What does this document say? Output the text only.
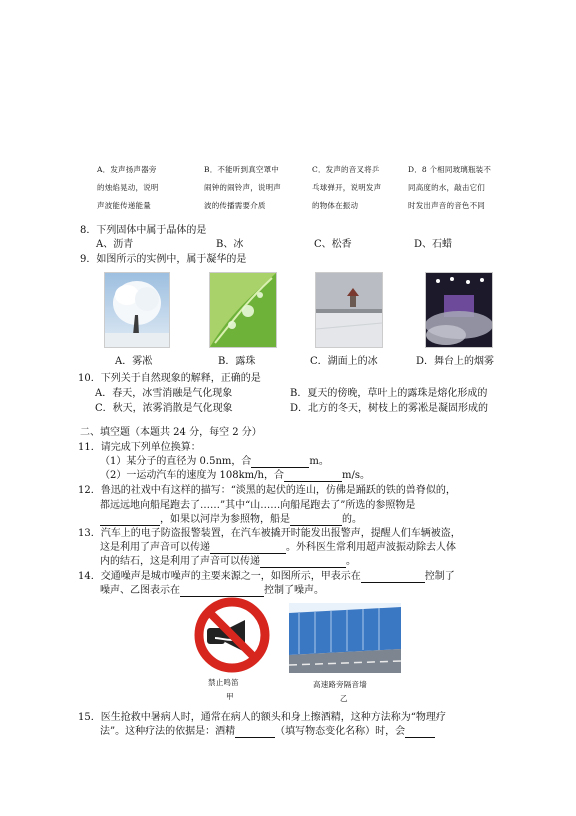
A．发声扬声器旁
的烛焰晃动，说明
声波能传递能量
B．不能听到真空罩中
闹钟的闹铃声，说明声
波的传播需要介质
C．发声的音叉将乒
乓球弹开，说明发声
的物体在振动
D．8 个相同玻璃瓶装不
同高度的水，敲击它们
时发出声音的音色不同
8．下列固体中属于晶体的是
A、沥青	B、冰	C、松香	D、石蜡
9．如图所示的实例中，属于凝华的是
A．雾凇	B．露珠	C．湖面上的冰	D．舞台上的烟雾
10．下列关于自然现象的解释，正确的是
A．春天，冰雪消融是气化现象	B．夏天的傍晚，草叶上的露珠是熔化形成的
C．秋天，浓雾消散是气化现象	D．北方的冬天，树枝上的雾凇是凝固形成的
二、填空题（本题共 24 分，每空 2 分）
11．请完成下列单位换算：
（1）某分子的直径为 0.5nm，合	m。
（2）一运动汽车的速度为 108km/h，合	m/s。
12．鲁迅的社戏中有这样的描写：“淡黑的起伏的连山，仿佛是踊跃的铁的兽脊似的，
都远远地向船尾跑去了……”其中“山……向船尾跑去了”所选的参照物是
，如果以河岸为参照物，船是	的。
13．汽车上的电子防盗报警装置，在汽车被撬开时能发出报警声，提醒人们车辆被盗，
这是利用了声音可以传递	。外科医生常利用超声波振动除去人体
内的结石，这是利用了声音可以传递	。
14．交通噪声是城市噪声的主要来源之一，如图所示，甲表示在	控制了
噪声、乙图表示在	控制了噪声。
禁止鸣笛
甲
高速路旁隔音墙
乙
15．医生抢救中暑病人时，通常在病人的额头和身上擦酒精，这种方法称为“物理疗
法”。这种疗法的依据是：酒精	（填写物态变化名称）时，会
